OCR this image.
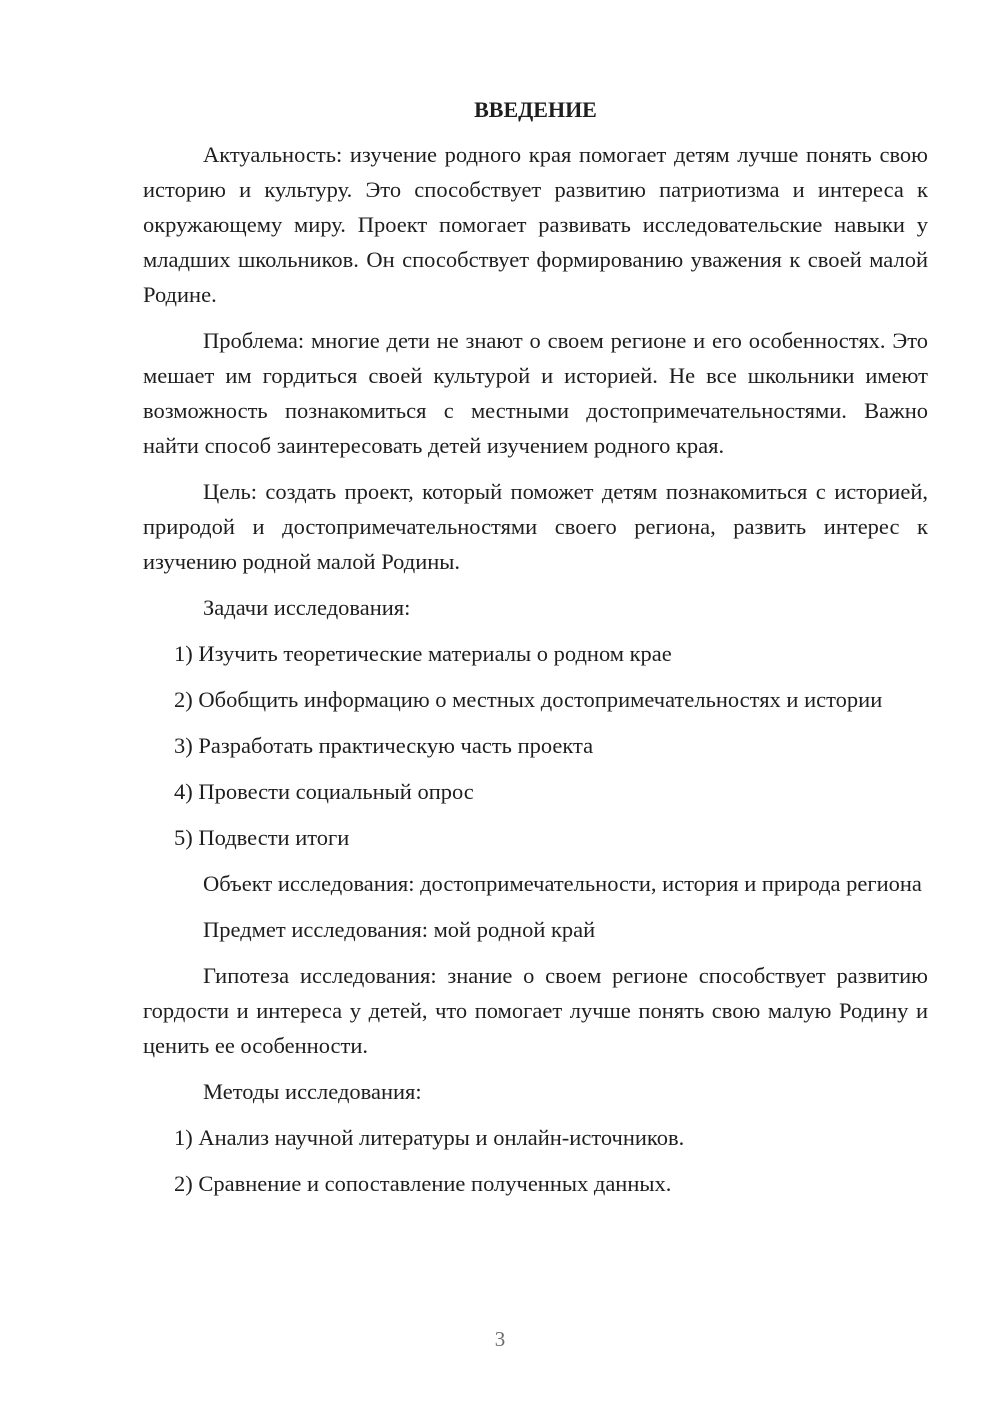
ВВЕДЕНИЕ

Актуальность: изучение родного края помогает детям лучше понять свою историю и культуру. Это способствует развитию патриотизма и интереса к окружающему миру. Проект помогает развивать исследовательские навыки у младших школьников. Он способствует формированию уважения к своей малой Родине.

Проблема: многие дети не знают о своем регионе и его особенностях. Это мешает им гордиться своей культурой и историей. Не все школьники имеют возможность познакомиться с местными достопримечательностями. Важно найти способ заинтересовать детей изучением родного края.

Цель: создать проект, который поможет детям познакомиться с историей, природой и достопримечательностями своего региона, развить интерес к изучению родной малой Родины.

Задачи исследования:

1) Изучить теоретические материалы о родном крае

2) Обобщить информацию о местных достопримечательностях и истории

3) Разработать практическую часть проекта

4) Провести социальный опрос

5) Подвести итоги

Объект исследования: достопримечательности, история и природа региона

Предмет исследования: мой родной край

Гипотеза исследования: знание о своем регионе способствует развитию гордости и интереса у детей, что помогает лучше понять свою малую Родину и ценить ее особенности.

Методы исследования:

1) Анализ научной литературы и онлайн-источников.

2) Сравнение и сопоставление полученных данных.

3
